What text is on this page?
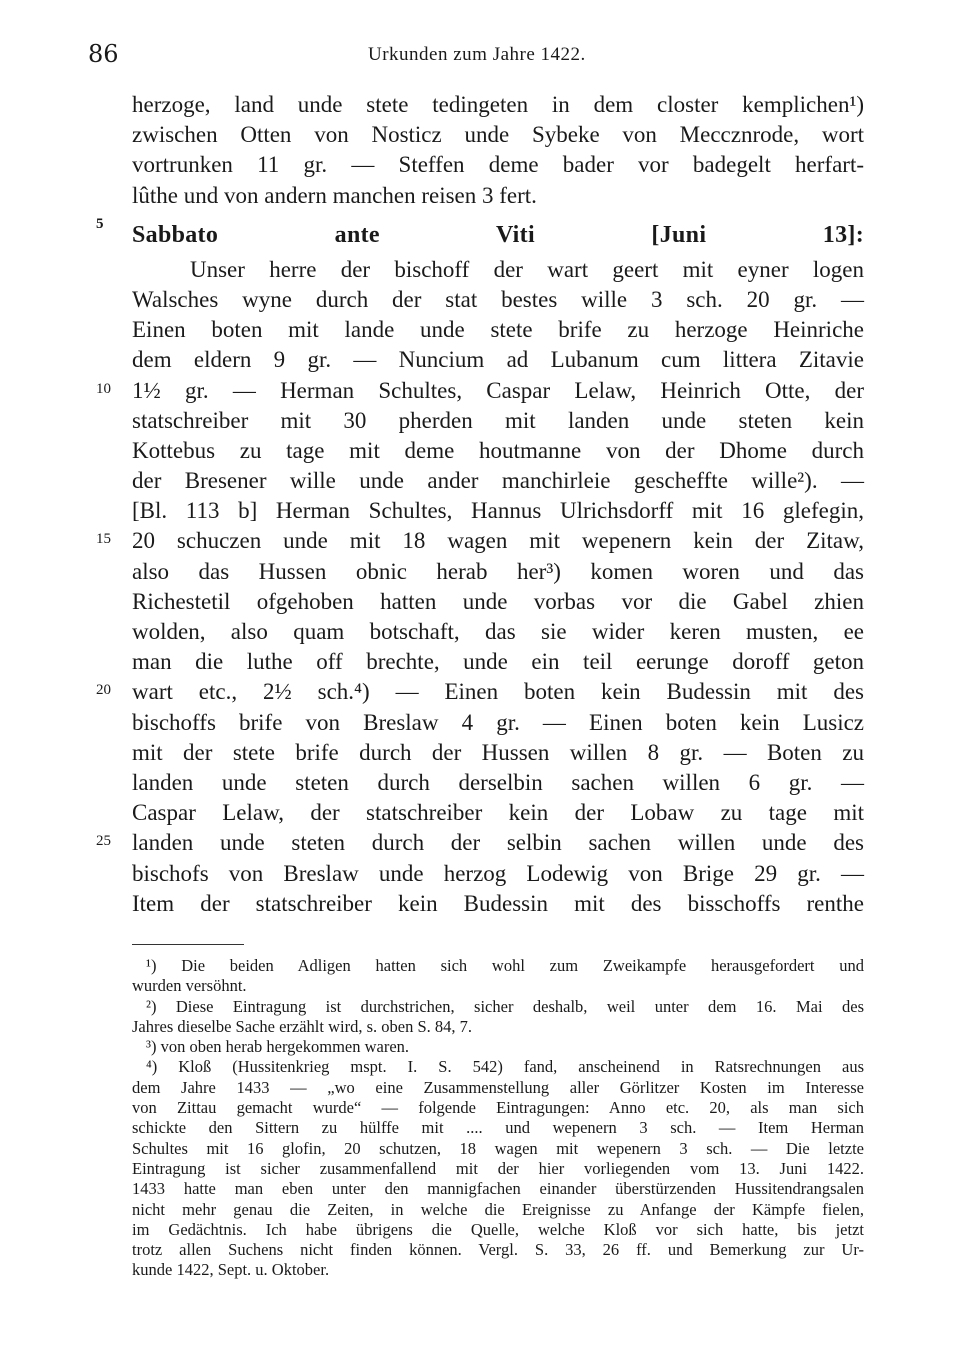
86	Urkunden zum Jahre 1422.
herzoge, land unde stete tedingeten in dem closter kemplichen¹)
zwischen Otten von Nosticz unde Sybeke von Meccznrode, wort
vortrunken 11 gr. — Steffen deme bader vor badegelt herfart-
lûthe und von andern manchen reisen 3 fert.
5	Sabbato ante Viti [Juni 13]:
Unser herre der bischoff der wart geert mit eyner logen
Walsches wyne durch der stat bestes wille 3 sch. 20 gr. —
Einen boten mit lande unde stete brife zu herzoge Heinriche
dem eldern 9 gr. — Nuncium ad Lubanum cum littera Zitavie
10 1½ gr. — Herman Schultes, Caspar Lelaw, Heinrich Otte, der
statschreiber mit 30 pherden mit landen unde steten kein
Kottebus zu tage mit deme houtmanne von der Dhome durch
der Bresener wille unde ander manchirleie gescheffte wille²). —
[Bl. 113 b] Herman Schultes, Hannus Ulrichsdorff mit 16 glefegin,
15 20 schuczen unde mit 18 wagen mit wepenern kein der Zitaw,
also das Hussen obnic herab her³) komen woren und das
Richestetil ofgehoben hatten unde vorbas vor die Gabel zhien
wolden, also quam botschaft, das sie wider keren musten, ee
man die luthe off brechte, unde ein teil eerunge doroff geton
20 wart etc., 2½ sch.⁴) — Einen boten kein Budessin mit des
bischoffs brife von Breslaw 4 gr. — Einen boten kein Lusicz
mit der stete brife durch der Hussen willen 8 gr. — Boten zu
landen unde steten durch derselbin sachen willen 6 gr. —
Caspar Lelaw, der statschreiber kein der Lobaw zu tage mit
25 landen unde steten durch der selbin sachen willen unde des
bischofs von Breslaw unde herzog Lodewig von Brige 29 gr. —
Item der statschreiber kein Budessin mit des bisschoffs renthe
¹) Die beiden Adligen hatten sich wohl zum Zweikampfe herausgefordert und
wurden versöhnt.
²) Diese Eintragung ist durchstrichen, sicher deshalb, weil unter dem 16. Mai des
Jahres dieselbe Sache erzählt wird, s. oben S. 84, 7.
³) von oben herab hergekommen waren.
⁴) Kloß (Hussitenkrieg mspt. I. S. 542) fand, anscheinend in Ratsrechnungen aus
dem Jahre 1433 — „wo eine Zusammenstellung aller Görlitzer Kosten im Interesse
von Zittau gemacht wurde“ — folgende Eintragungen: Anno etc. 20, als man sich
schickte den Sittern zu hülffe mit .... und wepenern 3 sch. — Item Herman
Schultes mit 16 glofin, 20 schutzen, 18 wagen mit wepenern 3 sch. — Die letzte
Eintragung ist sicher zusammenfallend mit der hier vorliegenden vom 13. Juni 1422.
1433 hatte man eben unter den mannigfachen einander überstürzenden Hussitendrangsalen
nicht mehr genau die Zeiten, in welche die Ereignisse zu Anfange der Kämpfe fielen,
im Gedächtnis. Ich habe übrigens die Quelle, welche Kloß vor sich hatte, bis jetzt
trotz allen Suchens nicht finden können. Vergl. S. 33, 26 ff. und Bemerkung zur Ur-
kunde 1422, Sept. u. Oktober.
